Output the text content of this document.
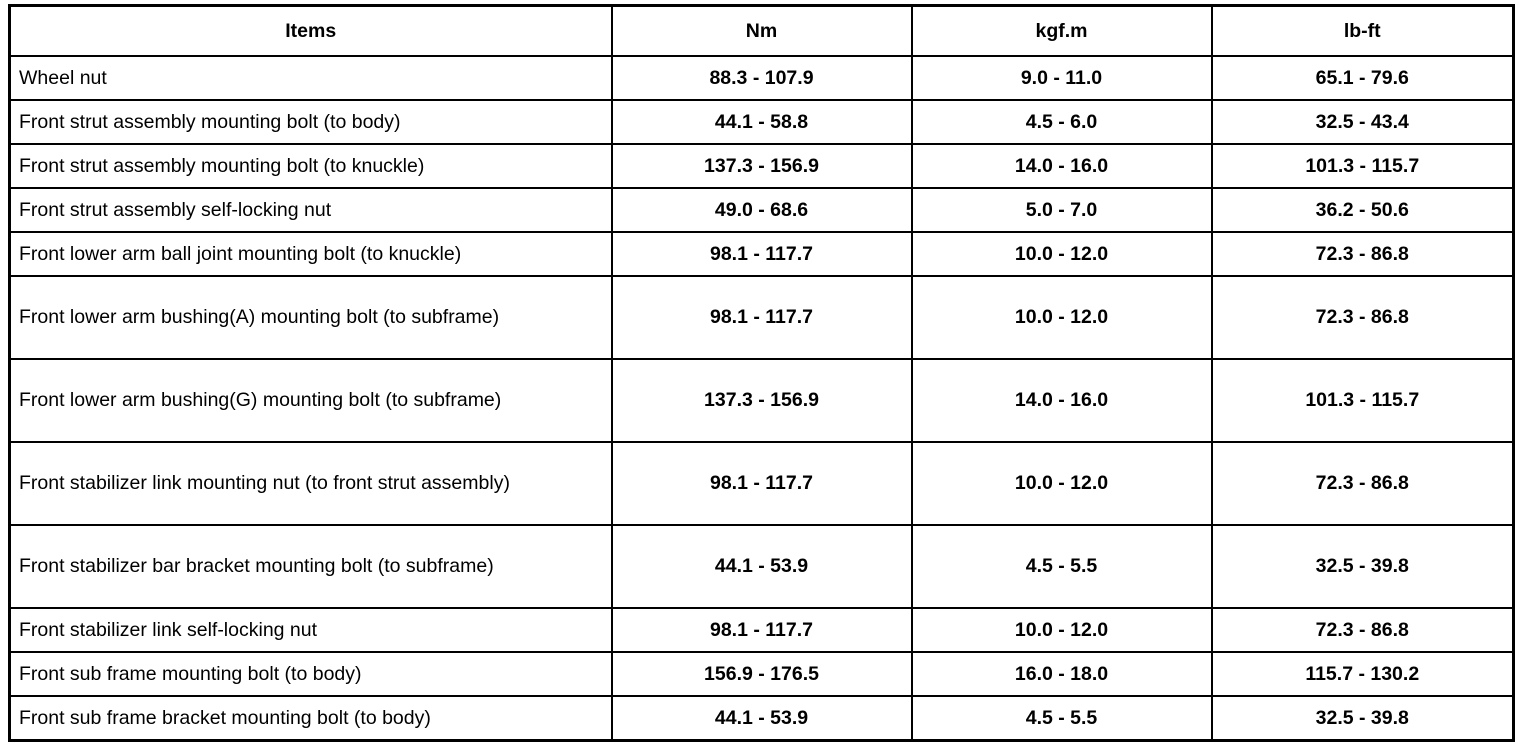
Items	Nm	kgf.m	lb-ft
Wheel nut	88.3 - 107.9	9.0 - 11.0	65.1 - 79.6
Front strut assembly mounting bolt (to body)	44.1 - 58.8	4.5 - 6.0	32.5 - 43.4
Front strut assembly mounting bolt (to knuckle)	137.3 - 156.9	14.0 - 16.0	101.3 - 115.7
Front strut assembly self-locking nut	49.0 - 68.6	5.0 - 7.0	36.2 - 50.6
Front lower arm ball joint mounting bolt (to knuckle)	98.1 - 117.7	10.0 - 12.0	72.3 - 86.8
Front lower arm bushing(A) mounting bolt (to subframe)	98.1 - 117.7	10.0 - 12.0	72.3 - 86.8
Front lower arm bushing(G) mounting bolt (to subframe)	137.3 - 156.9	14.0 - 16.0	101.3 - 115.7
Front stabilizer link mounting nut (to front strut assembly)	98.1 - 117.7	10.0 - 12.0	72.3 - 86.8
Front stabilizer bar bracket mounting bolt (to subframe)	44.1 - 53.9	4.5 - 5.5	32.5 - 39.8
Front stabilizer link self-locking nut	98.1 - 117.7	10.0 - 12.0	72.3 - 86.8
Front sub frame mounting bolt (to body)	156.9 - 176.5	16.0 - 18.0	115.7 - 130.2
Front sub frame bracket mounting bolt (to body)	44.1 - 53.9	4.5 - 5.5	32.5 - 39.8
